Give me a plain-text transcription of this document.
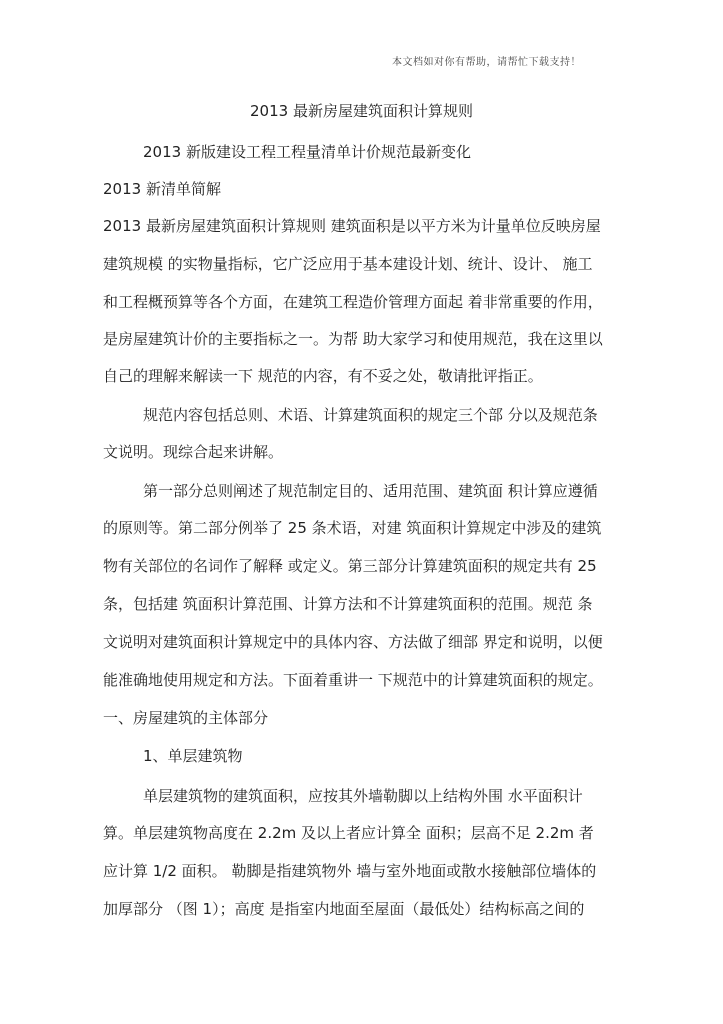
本文档如对你有帮助，请帮忙下载支持！
2013 最新房屋建筑面积计算规则
2013 新版建设工程工程量清单计价规范最新变化
2013 新清单简解
2013 最新房屋建筑面积计算规则 建筑面积是以平方米为计量单位反映房屋
建筑规模 的实物量指标，它广泛应用于基本建设计划、统计、设计、 施工
和工程概预算等各个方面，在建筑工程造价管理方面起 着非常重要的作用，
是房屋建筑计价的主要指标之一。为帮 助大家学习和使用规范，我在这里以
自己的理解来解读一下 规范的内容，有不妥之处，敬请批评指正。
规范内容包括总则、术语、计算建筑面积的规定三个部 分以及规范条
文说明。现综合起来讲解。
第一部分总则阐述了规范制定目的、适用范围、建筑面 积计算应遵循
的原则等。第二部分例举了 25 条术语，对建 筑面积计算规定中涉及的建筑
物有关部位的名词作了解释 或定义。第三部分计算建筑面积的规定共有 25
条，包括建 筑面积计算范围、计算方法和不计算建筑面积的范围。规范 条
文说明对建筑面积计算规定中的具体内容、方法做了细部 界定和说明，以便
能准确地使用规定和方法。下面着重讲一 下规范中的计算建筑面积的规定。
一、房屋建筑的主体部分
1、单层建筑物
单层建筑物的建筑面积，应按其外墙勒脚以上结构外围 水平面积计
算。单层建筑物高度在 2.2m 及以上者应计算全 面积；层高不足 2.2m 者
应计算 1/2 面积。 勒脚是指建筑物外 墙与室外地面或散水接触部位墙体的
加厚部分 （图 1）；高度 是指室内地面至屋面（最低处）结构标高之间的
